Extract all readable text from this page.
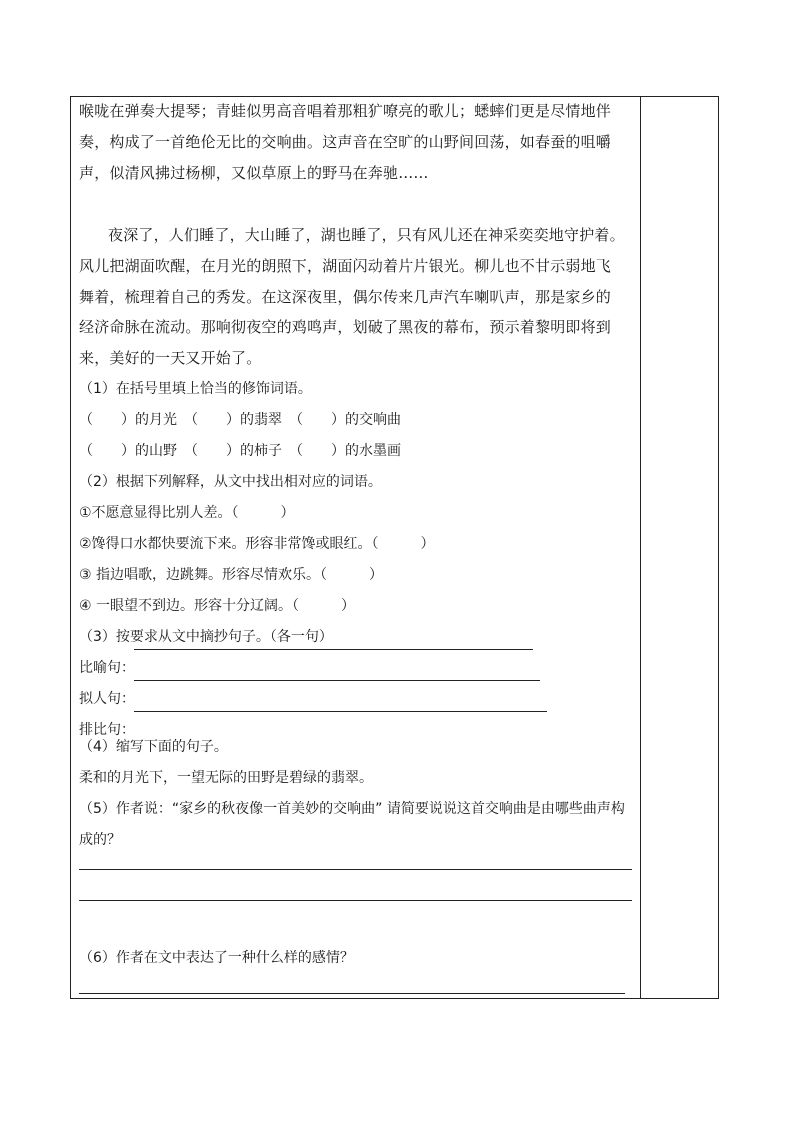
喉咙在弹奏大提琴；青蛙似男高音唱着那粗犷嘹亮的歌儿；蟋蟀们更是尽情地伴
奏，构成了一首绝伦无比的交响曲。这声音在空旷的山野间回荡，如春蚕的咀嚼
声，似清风拂过杨柳，又似草原上的野马在奔驰……
夜深了，人们睡了，大山睡了，湖也睡了，只有风儿还在神采奕奕地守护着。
风儿把湖面吹醒，在月光的朗照下，湖面闪动着片片银光。柳儿也不甘示弱地飞
舞着，梳理着自己的秀发。在这深夜里，偶尔传来几声汽车喇叭声，那是家乡的
经济命脉在流动。那响彻夜空的鸡鸣声，划破了黑夜的幕布，预示着黎明即将到
来，美好的一天又开始了。
（1）在括号里填上恰当的修饰词语。
（　　）的月光　（　　）的翡翠　（　　）的交响曲
（　　）的山野　（　　）的柿子　（　　）的水墨画
（2）根据下列解释，从文中找出相对应的词语。
①不愿意显得比别人差。（　　　）
②馋得口水都快要流下来。形容非常馋或眼红。（　　　）
③ 指边唱歌，边跳舞。形容尽情欢乐。（　　　）
④ 一眼望不到边。形容十分辽阔。（　　　）
（3）按要求从文中摘抄句子。（各一句）
比喻句：
拟人句：
排比句：
（4）缩写下面的句子。
柔和的月光下，一望无际的田野是碧绿的翡翠。
（5）作者说：“家乡的秋夜像一首美妙的交响曲” 请简要说说这首交响曲是由哪些曲声构
成的？
（6）作者在文中表达了一种什么样的感情？
